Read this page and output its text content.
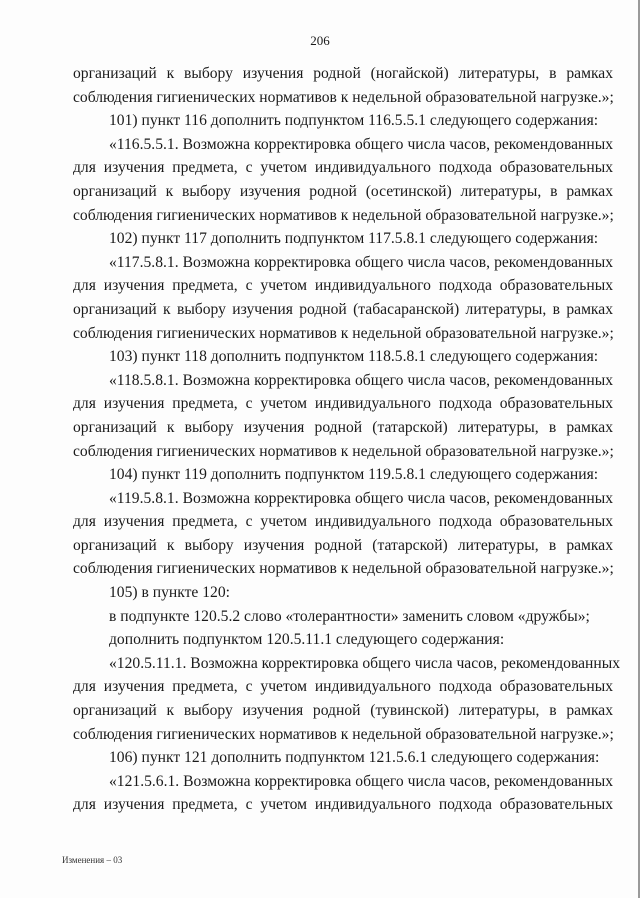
206
организаций к выбору изучения родной (ногайской) литературы, в рамках
соблюдения гигиенических нормативов к недельной образовательной нагрузке.»;
101) пункт 116 дополнить подпунктом 116.5.5.1 следующего содержания:
«116.5.5.1. Возможна корректировка общего числа часов, рекомендованных
для изучения предмета, с учетом индивидуального подхода образовательных
организаций к выбору изучения родной (осетинской) литературы, в рамках
соблюдения гигиенических нормативов к недельной образовательной нагрузке.»;
102) пункт 117 дополнить подпунктом 117.5.8.1 следующего содержания:
«117.5.8.1. Возможна корректировка общего числа часов, рекомендованных
для изучения предмета, с учетом индивидуального подхода образовательных
организаций к выбору изучения родной (табасаранской) литературы, в рамках
соблюдения гигиенических нормативов к недельной образовательной нагрузке.»;
103) пункт 118 дополнить подпунктом 118.5.8.1 следующего содержания:
«118.5.8.1. Возможна корректировка общего числа часов, рекомендованных
для изучения предмета, с учетом индивидуального подхода образовательных
организаций к выбору изучения родной (татарской) литературы, в рамках
соблюдения гигиенических нормативов к недельной образовательной нагрузке.»;
104) пункт 119 дополнить подпунктом 119.5.8.1 следующего содержания:
«119.5.8.1. Возможна корректировка общего числа часов, рекомендованных
для изучения предмета, с учетом индивидуального подхода образовательных
организаций к выбору изучения родной (татарской) литературы, в рамках
соблюдения гигиенических нормативов к недельной образовательной нагрузке.»;
105) в пункте 120:
в подпункте 120.5.2 слово «толерантности» заменить словом «дружбы»;
дополнить подпунктом 120.5.11.1 следующего содержания:
«120.5.11.1. Возможна корректировка общего числа часов, рекомендованных
для изучения предмета, с учетом индивидуального подхода образовательных
организаций к выбору изучения родной (тувинской) литературы, в рамках
соблюдения гигиенических нормативов к недельной образовательной нагрузке.»;
106) пункт 121 дополнить подпунктом 121.5.6.1 следующего содержания:
«121.5.6.1. Возможна корректировка общего числа часов, рекомендованных
для изучения предмета, с учетом индивидуального подхода образовательных
Изменения – 03
